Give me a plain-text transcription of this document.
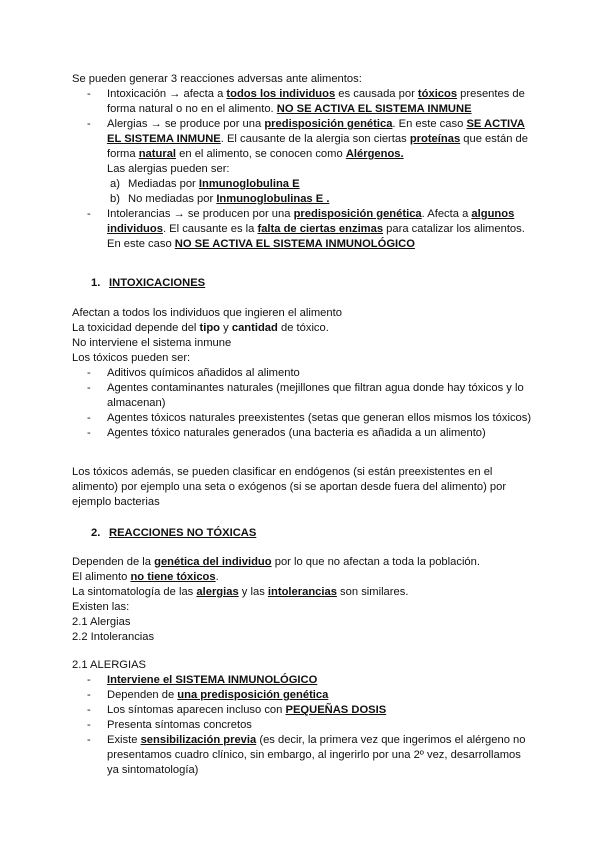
Se pueden generar 3 reacciones adversas ante alimentos:

- Intoxicación → afecta a todos los individuos es causada por tóxicos presentes de
forma natural o no en el alimento. NO SE ACTIVA EL SISTEMA INMUNE
- Alergias → se produce por una predisposición genética. En este caso SE ACTIVA
EL SISTEMA INMUNE. El causante de la alergia son ciertas proteínas que están de
forma natural en el alimento, se conocen como Alérgenos.
Las alergias pueden ser:
a) Mediadas por Inmunoglobulina E
b) No mediadas por Inmunoglobulinas E .
- Intolerancias → se producen por una predisposición genética. Afecta a algunos
individuos. El causante es la falta de ciertas enzimas para catalizar los alimentos.
En este caso NO SE ACTIVA EL SISTEMA INMUNOLÓGICO
1. INTOXICACIONES

Afectan a todos los individuos que ingieren el alimento

La toxicidad depende del tipo y cantidad de tóxico.

No interviene el sistema inmune

Los tóxicos pueden ser:

- Aditivos químicos añadidos al alimento
- Agentes contaminantes naturales (mejillones que filtran agua donde hay tóxicos y lo almacenan)
- Agentes tóxicos naturales preexistentes (setas que generan ellos mismos los tóxicos)
- Agentes tóxico naturales generados (una bacteria es añadida a un alimento)

Los tóxicos además, se pueden clasificar en endógenos (si están preexistentes en el alimento) por ejemplo una seta o exógenos (si se aportan desde fuera del alimento) por ejemplo bacterias

2. REACCIONES NO TÓXICAS

Dependen de la genética del individuo por lo que no afectan a toda la población.

El alimento no tiene tóxicos.

La sintomatología de las alergias y las intolerancias son similares.

Existen las:

2.1 Alergias

2.2 Intolerancias

2.1 ALERGIAS

- Interviene el SISTEMA INMUNOLÓGICO
- Dependen de una predisposición genética
- Los síntomas aparecen incluso con PEQUEÑAS DOSIS
- Presenta síntomas concretos
- Existe sensibilización previa (es decir, la primera vez que ingerimos el alérgeno no presentamos cuadro clínico, sin embargo, al ingerirlo por una 2º vez, desarrollamos ya sintomatología)
